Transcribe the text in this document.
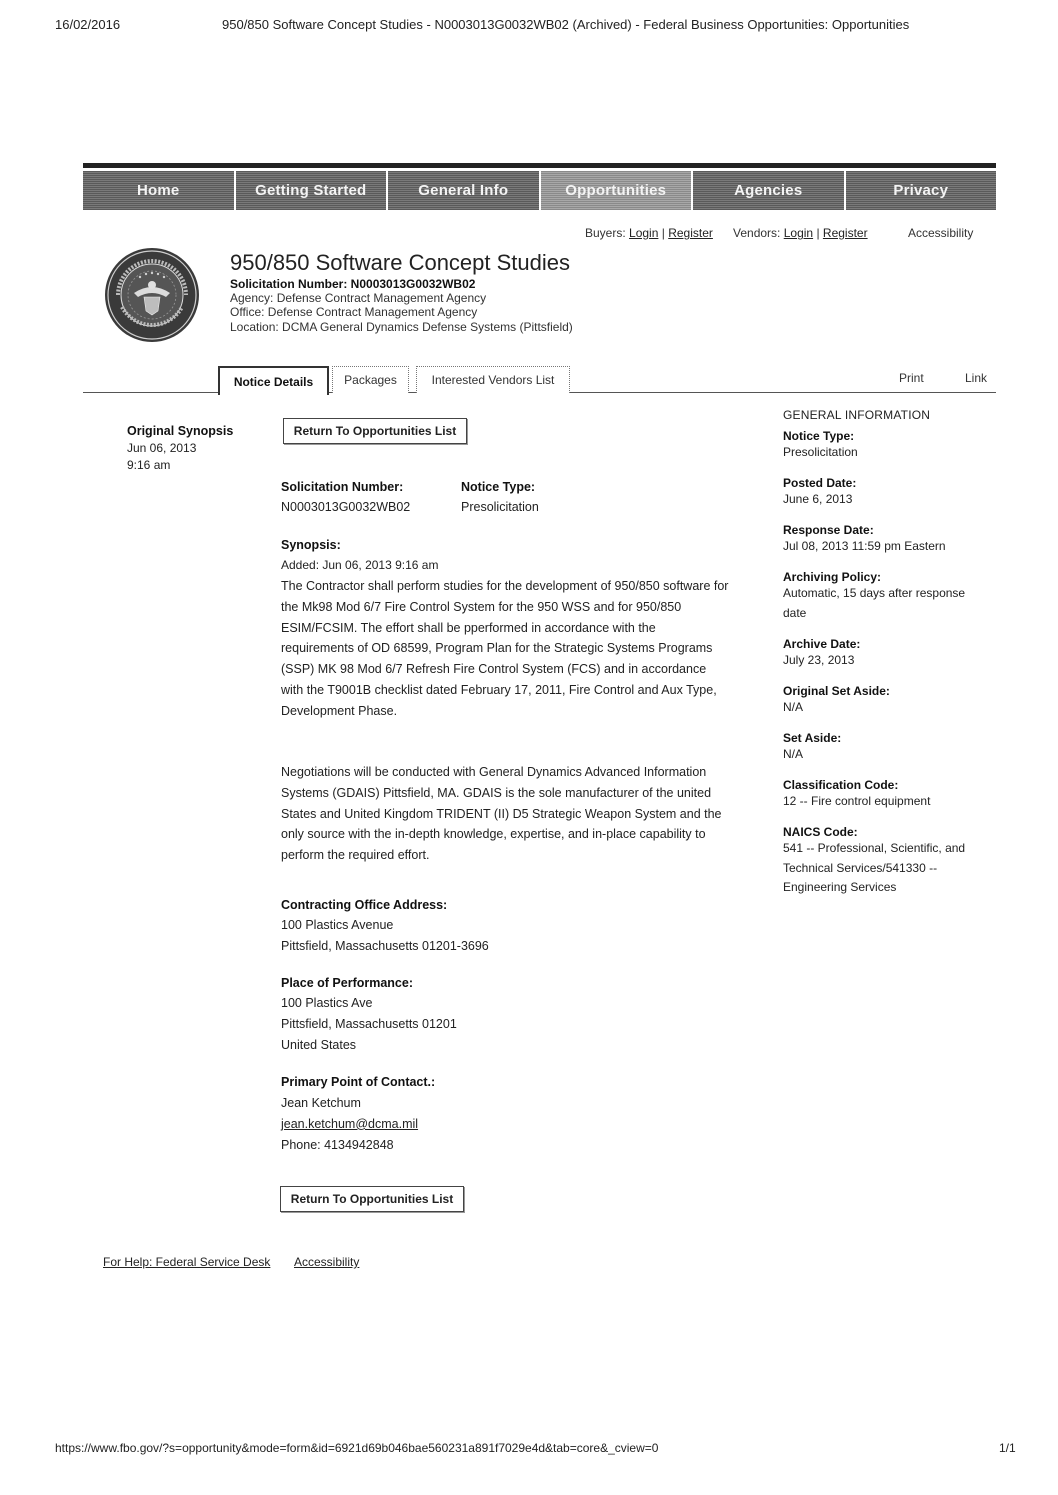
16/02/2016	950/850 Software Concept Studies - N0003013G0032WB02 (Archived) - Federal Business Opportunities: Opportunities
Home	Getting Started	General Info	Opportunities	Agencies	Privacy
Buyers: Login | Register Vendors: Login | Register	Accessibility
950/850 Software Concept Studies
Solicitation Number: N0003013G0032WB02
Agency: Defense Contract Management Agency
Office: Defense Contract Management Agency
Location: DCMA General Dynamics Defense Systems (Pittsfield)
Notice Details	Packages	Interested Vendors List	Print	Link
Original Synopsis
Jun 06, 2013
9:16 am
Return To Opportunities List
Solicitation Number:
N0003013G0032WB02
Notice Type:
Presolicitation
Synopsis:
Added: Jun 06, 2013 9:16 am
The Contractor shall perform studies for the development of 950/850 software for
the Mk98 Mod 6/7 Fire Control System for the 950 WSS and for 950/850
ESIM/FCSIM. The effort shall be pperformed in accordance with the
requirements of OD 68599, Program Plan for the Strategic Systems Programs
(SSP) MK 98 Mod 6/7 Refresh Fire Control System (FCS) and in accordance
with the T9001B checklist dated February 17, 2011, Fire Control and Aux Type,
Development Phase.
Negotiations will be conducted with General Dynamics Advanced Information
Systems (GDAIS) Pittsfield, MA. GDAIS is the sole manufacturer of the united
States and United Kingdom TRIDENT (II) D5 Strategic Weapon System and the
only source with the in-depth knowledge, expertise, and in-place capability to
perform the required effort.
Contracting Office Address:
100 Plastics Avenue
Pittsfield, Massachusetts 01201-3696
Place of Performance:
100 Plastics Ave
Pittsfield, Massachusetts 01201
United States
Primary Point of Contact.:
Jean Ketchum
jean.ketchum@dcma.mil
Phone: 4134942848
Return To Opportunities List
GENERAL INFORMATION
Notice Type:
Presolicitation
Posted Date:
June 6, 2013
Response Date:
Jul 08, 2013 11:59 pm Eastern
Archiving Policy:
Automatic, 15 days after response
date
Archive Date:
July 23, 2013
Original Set Aside:
N/A
Set Aside:
N/A
Classification Code:
12 -- Fire control equipment
NAICS Code:
541 -- Professional, Scientific, and
Technical Services/541330 --
Engineering Services
For Help: Federal Service Desk Accessibility
https://www.fbo.gov/?s=opportunity&mode=form&id=6921d69b046bae560231a891f7029e4d&tab=core&_cview=0	1/1
